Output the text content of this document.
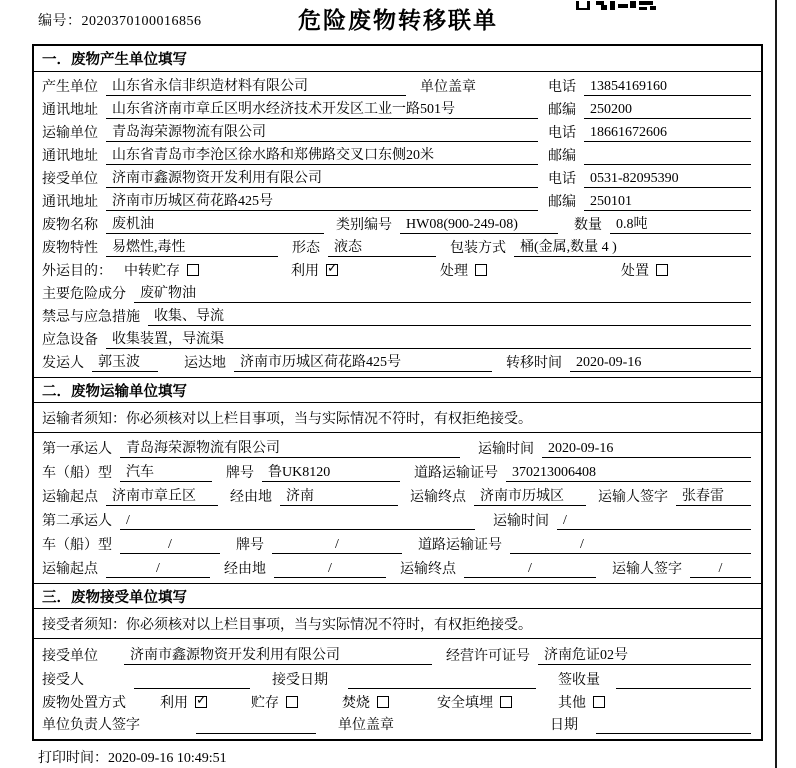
编号：2020370100016856	危险废物转移联单
一．废物产生单位填写
产生单位	山东省永信非织造材料有限公司	单位盖章	电话	13854169160
通讯地址	山东省济南市章丘区明水经济技术开发区工业一路501号	邮编	250200
运输单位	青岛海荣源物流有限公司	电话	18661672606
通讯地址	山东省青岛市李沧区徐水路和郑佛路交叉口东侧20米	邮编
接受单位	济南市鑫源物资开发利用有限公司	电话	0531-82095390
通讯地址	济南市历城区荷花路425号	邮编	250101
废物名称	废机油	类别编号	HW08(900-249-08)	数量	0.8吨
废物特性	易燃性,毒性	形态	液态	包装方式	桶(金属,数量 4 )
外运目的： 中转贮存	利用 ✓	处理	处置
主要危险成分	废矿物油
禁忌与应急措施	收集、导流
应急设备	收集装置，导流渠
发运人	郭玉波	运达地	济南市历城区荷花路425号	转移时间	2020-09-16
二．废物运输单位填写
运输者须知：你必须核对以上栏目事项，当与实际情况不符时，有权拒绝接受。
第一承运人	青岛海荣源物流有限公司	运输时间	2020-09-16
车（船）型	汽车	牌号	鲁UK8120	道路运输证号	370213006408
运输起点	济南市章丘区	经由地	济南	运输终点	济南市历城区	运输人签字	张春雷
第二承运人	/	运输时间	/
车（船）型	/	牌号	/	道路运输证号	/
运输起点	/	经由地	/	运输终点	/	运输人签字	/
三．废物接受单位填写
接受者须知：你必须核对以上栏目事项，当与实际情况不符时，有权拒绝接受。
接受单位	济南市鑫源物资开发利用有限公司	经营许可证号	济南危证02号
接受人	接受日期	签收量
废物处置方式 利用 ✓	贮存	焚烧	安全填埋	其他
单位负责人签字	单位盖章	日期
打印时间：2020-09-16 10:49:51
